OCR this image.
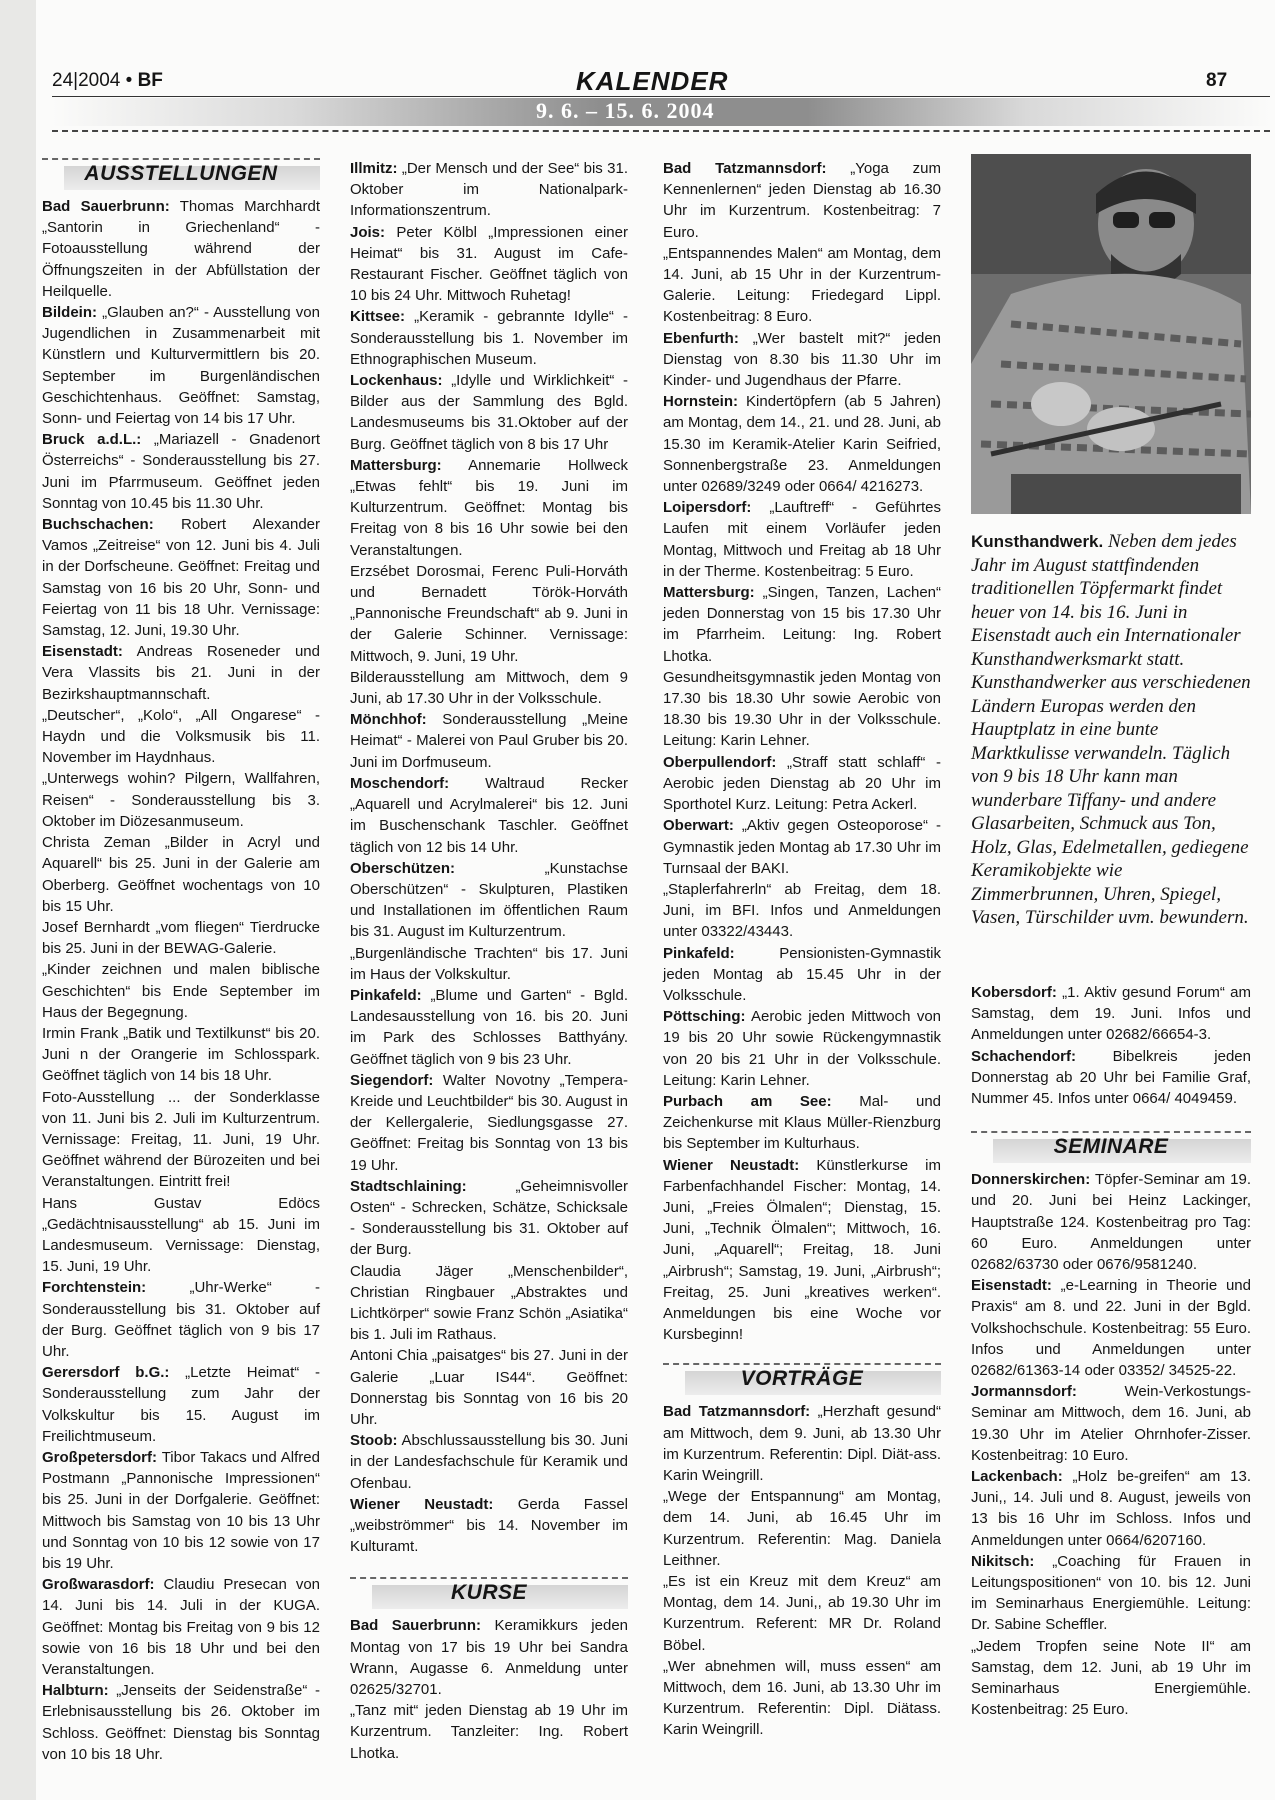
24|2004 • BF	KALENDER	87
9. 6. – 15. 6. 2004
AUSSTELLUNGEN

Bad Sauerbrunn: Thomas Marchhardt „Santorin in Griechenland“ - Fotoausstellung während der Öffnungszeiten in der Abfüllstation der Heilquelle.

Bildein: „Glauben an?“ - Ausstellung von Jugendlichen in Zusammenarbeit mit Künstlern und Kulturvermittlern bis 20. September im Burgenländischen Geschichtenhaus. Geöffnet: Samstag, Sonn- und Feiertag von 14 bis 17 Uhr.

Bruck a.d.L.: „Mariazell - Gnadenort Österreichs“ - Sonderausstellung bis 27. Juni im Pfarrmuseum. Geöffnet jeden Sonntag von 10.45 bis 11.30 Uhr.

Buchschachen: Robert Alexander Vamos „Zeitreise“ von 12. Juni bis 4. Juli in der Dorfscheune. Geöffnet: Freitag und Samstag von 16 bis 20 Uhr, Sonn- und Feiertag von 11 bis 18 Uhr. Vernissage: Samstag, 12. Juni, 19.30 Uhr.

Eisenstadt: Andreas Roseneder und Vera Vlassits bis 21. Juni in der Bezirkshauptmannschaft.

„Deutscher“, „Kolo“, „All Ongarese“ - Haydn und die Volksmusik bis 11. November im Haydnhaus.

„Unterwegs wohin? Pilgern, Wallfahren, Reisen“ - Sonderausstellung bis 3. Oktober im Diözesanmuseum.

Christa Zeman „Bilder in Acryl und Aquarell“ bis 25. Juni in der Galerie am Oberberg. Geöffnet wochentags von 10 bis 15 Uhr.

Josef Bernhardt „vom fliegen“ Tierdrucke bis 25. Juni in der BEWAG-Galerie.

„Kinder zeichnen und malen biblische Geschichten“ bis Ende September im Haus der Begegnung.

Irmin Frank „Batik und Textilkunst“ bis 20. Juni n der Orangerie im Schlosspark. Geöffnet täglich von 14 bis 18 Uhr.

Foto-Ausstellung ... der Sonderklasse von 11. Juni bis 2. Juli im Kulturzentrum. Vernissage: Freitag, 11. Juni, 19 Uhr. Geöffnet während der Bürozeiten und bei Veranstaltungen. Eintritt frei!

Hans Gustav Edöcs „Gedächtnisausstellung“ ab 15. Juni im Landesmuseum. Vernissage: Dienstag, 15. Juni, 19 Uhr.

Forchtenstein:	„Uhr-Werke“ - Sonderausstellung bis 31. Oktober auf der Burg. Geöffnet täglich von 9 bis 17 Uhr.

Gerersdorf b.G.: „Letzte Heimat“ - Sonderausstellung zum Jahr der Volkskultur bis 15. August im Freilichtmuseum.

Großpetersdorf: Tibor Takacs und Alfred Postmann „Pannonische Impressionen“ bis 25. Juni in der Dorfgalerie. Geöffnet: Mittwoch bis Samstag von 10 bis 13 Uhr und Sonntag von 10 bis 12 sowie von 17 bis 19 Uhr.

Großwarasdorf: Claudiu Presecan von 14. Juni bis 14. Juli in der KUGA. Geöffnet: Montag bis Freitag von 9 bis 12 sowie von 16 bis 18 Uhr und bei den Veranstaltungen.

Halbturn: „Jenseits der Seidenstraße“ - Erlebnisausstellung bis 26. Oktober im Schloss. Geöffnet: Dienstag bis Sonntag von 10 bis 18 Uhr.

Illmitz: „Der Mensch und der See“ bis 31. Oktober im Nationalpark-Informationszentrum.

Jois: Peter Kölbl „Impressionen einer Heimat“ bis 31. August im Cafe-Restaurant Fischer. Geöffnet täglich von 10 bis 24 Uhr. Mittwoch Ruhetag!

Kittsee: „Keramik - gebrannte Idylle“ - Sonderausstellung bis 1. November im Ethnographischen Museum.

Lockenhaus: „Idylle und Wirklichkeit“ - Bilder aus der Sammlung des Bgld. Landesmuseums bis 31.Oktober auf der Burg. Geöffnet täglich von 8 bis 17 Uhr

Mattersburg: Annemarie Hollweck „Etwas fehlt“ bis 19. Juni im Kulturzentrum. Geöffnet: Montag bis Freitag von 8 bis 16 Uhr sowie bei den Veranstaltungen.

Erzsébet Dorosmai, Ferenc Puli-Horváth und Bernadett Török-Horváth „Pannonische Freundschaft“ ab 9. Juni in der Galerie Schinner. Vernissage: Mittwoch, 9. Juni, 19 Uhr.

Bilderausstellung am Mittwoch, dem 9 Juni, ab 17.30 Uhr in der Volksschule.

Mönchhof: Sonderausstellung „Meine Heimat“ - Malerei von Paul Gruber bis 20. Juni im Dorfmuseum.

Moschendorf: Waltraud Recker „Aquarell und Acrylmalerei“ bis 12. Juni im Buschenschank Taschler. Geöffnet täglich von 12 bis 14 Uhr.

Oberschützen:	„Kunstachse Oberschützen“ - Skulpturen, Plastiken und Installationen im öffentlichen Raum bis 31. August im Kulturzentrum.

„Burgenländische Trachten“ bis 17. Juni im Haus der Volkskultur.

Pinkafeld: „Blume und Garten“ - Bgld. Landesausstellung von 16. bis 20. Juni im Park des Schlosses Batthyány. Geöffnet täglich von 9 bis 23 Uhr.

Siegendorf: Walter Novotny „Tempera-Kreide und Leuchtbilder“ bis 30. August in der Kellergalerie, Siedlungsgasse 27. Geöffnet: Freitag bis Sonntag von 13 bis 19 Uhr.

Stadtschlaining:	„Geheimnisvoller Osten“ - Schrecken, Schätze, Schicksale - Sonderausstellung bis 31. Oktober auf der Burg.

Claudia Jäger „Menschenbilder“, Christian Ringbauer „Abstraktes und Lichtkörper“ sowie Franz Schön „Asiatika“ bis 1. Juli im Rathaus.

Antoni Chia „paisatges“ bis 27. Juni in der Galerie „Luar IS44“. Geöffnet: Donnerstag bis Sonntag von 16 bis 20 Uhr.

Stoob: Abschlussausstellung bis 30. Juni in der Landesfachschule für Keramik und Ofenbau.

Wiener Neustadt: Gerda Fassel „weibströmmer“ bis 14. November im Kulturamt.

KURSE

Bad Sauerbrunn: Keramikkurs jeden Montag von 17 bis 19 Uhr bei Sandra Wrann, Augasse 6. Anmeldung unter 02625/32701.

„Tanz mit“ jeden Dienstag ab 19 Uhr im Kurzentrum. Tanzleiter: Ing. Robert Lhotka.

Bad Tatzmannsdorf: „Yoga zum Kennenlernen“ jeden Dienstag ab 16.30 Uhr im Kurzentrum. Kostenbeitrag: 7 Euro.

„Entspannendes Malen“ am Montag, dem 14. Juni, ab 15 Uhr in der Kurzentrum-Galerie. Leitung: Friedegard Lippl. Kostenbeitrag: 8 Euro.

Ebenfurth: „Wer bastelt mit?“ jeden Dienstag von 8.30 bis 11.30 Uhr im Kinder- und Jugendhaus der Pfarre.

Hornstein: Kindertöpfern (ab 5 Jahren) am Montag, dem 14., 21. und 28. Juni, ab 15.30 im Keramik-Atelier Karin Seifried, Sonnenbergstraße 23. Anmeldungen unter 02689/3249 oder 0664/ 4216273.

Loipersdorf: „Lauftreff“ - Geführtes Laufen mit einem Vorläufer jeden Montag, Mittwoch und Freitag ab 18 Uhr in der Therme. Kostenbeitrag: 5 Euro.

Mattersburg: „Singen, Tanzen, Lachen“ jeden Donnerstag von 15 bis 17.30 Uhr im Pfarrheim. Leitung: Ing. Robert Lhotka.

Gesundheitsgymnastik jeden Montag von 17.30 bis 18.30 Uhr sowie Aerobic von 18.30 bis 19.30 Uhr in der Volksschule. Leitung: Karin Lehner.

Oberpullendorf: „Straff statt schlaff“ - Aerobic jeden Dienstag ab 20 Uhr im Sporthotel Kurz. Leitung: Petra Ackerl.

Oberwart: „Aktiv gegen Osteoporose“ - Gymnastik jeden Montag ab 17.30 Uhr im Turnsaal der BAKI.

„Staplerfahrerln“ ab Freitag, dem 18. Juni, im BFI. Infos und Anmeldungen unter 03322/43443.

Pinkafeld:	Pensionisten-Gymnastik jeden Montag ab 15.45 Uhr in der Volksschule.

Pöttsching: Aerobic jeden Mittwoch von 19 bis 20 Uhr sowie Rückengymnastik von 20 bis 21 Uhr in der Volksschule. Leitung: Karin Lehner.

Purbach am See: Mal- und Zeichenkurse mit Klaus Müller-Rienzburg bis September im Kulturhaus.

Wiener Neustadt: Künstlerkurse im Farbenfachhandel Fischer: Montag, 14. Juni, „Freies Ölmalen“; Dienstag, 15. Juni, „Technik Ölmalen“; Mittwoch, 16. Juni, „Aquarell“; Freitag, 18. Juni „Airbrush“; Samstag, 19. Juni, „Airbrush“; Freitag, 25. Juni „kreatives werken“. Anmeldungen bis eine Woche vor Kursbeginn!

VORTRÄGE

Bad Tatzmannsdorf: „Herzhaft gesund“ am Mittwoch, dem 9. Juni, ab 13.30 Uhr im Kurzentrum. Referentin: Dipl. Diät-ass. Karin Weingrill.

„Wege der Entspannung“ am Montag, dem 14. Juni, ab 16.45 Uhr im Kurzentrum. Referentin: Mag. Daniela Leithner.

„Es ist ein Kreuz mit dem Kreuz“ am Montag, dem 14. Juni,, ab 19.30 Uhr im Kurzentrum. Referent: MR Dr. Roland Böbel.

„Wer abnehmen will, muss essen“ am Mittwoch, dem 16. Juni, ab 13.30 Uhr im Kurzentrum. Referentin: Dipl. Diätass. Karin Weingrill.

Kunsthandwerk. Neben dem jedes Jahr im August stattfindenden traditionellen Töpfermarkt findet heuer von 14. bis 16. Juni in Eisenstadt auch ein Internationaler Kunsthandwerksmarkt statt. Kunsthandwerker aus verschiedenen Ländern Europas werden den Hauptplatz in eine bunte Marktkulisse verwandeln. Täglich von 9 bis 18 Uhr kann man wunderbare Tiffany- und andere Glasarbeiten, Schmuck aus Ton, Holz, Glas, Edelmetallen, gediegene Keramikobjekte wie Zimmerbrunnen, Uhren, Spiegel, Vasen, Türschilder uvm. bewundern.

Kobersdorf: „1. Aktiv gesund Forum“ am Samstag, dem 19. Juni. Infos und Anmeldungen unter 02682/66654-3.

Schachendorf: Bibelkreis jeden Donnerstag ab 20 Uhr bei Familie Graf, Nummer 45. Infos unter 0664/ 4049459.

SEMINARE

Donnerskirchen: Töpfer-Seminar am 19. und 20. Juni bei Heinz Lackinger, Hauptstraße 124. Kostenbeitrag pro Tag: 60 Euro. Anmeldungen unter 02682/63730 oder 0676/9581240.

Eisenstadt: „e-Learning in Theorie und Praxis“ am 8. und 22. Juni in der Bgld. Volkshochschule. Kostenbeitrag: 55 Euro. Infos und Anmeldungen unter 02682/61363-14 oder 03352/ 34525-22.

Jormannsdorf:	Wein-Verkostungs-Seminar am Mittwoch, dem 16. Juni, ab 19.30 Uhr im Atelier Ohrnhofer-Zisser. Kostenbeitrag: 10 Euro.

Lackenbach: „Holz be-greifen“ am 13. Juni,, 14. Juli und 8. August, jeweils von 13 bis 16 Uhr im Schloss. Infos und Anmeldungen unter 0664/6207160.

Nikitsch: „Coaching für Frauen in Leitungspositionen“ von 10. bis 12. Juni im Seminarhaus Energiemühle. Leitung: Dr. Sabine Scheffler.

„Jedem Tropfen seine Note II“ am Samstag, dem 12. Juni, ab 19 Uhr im Seminarhaus Energiemühle. Kostenbeitrag: 25 Euro.
